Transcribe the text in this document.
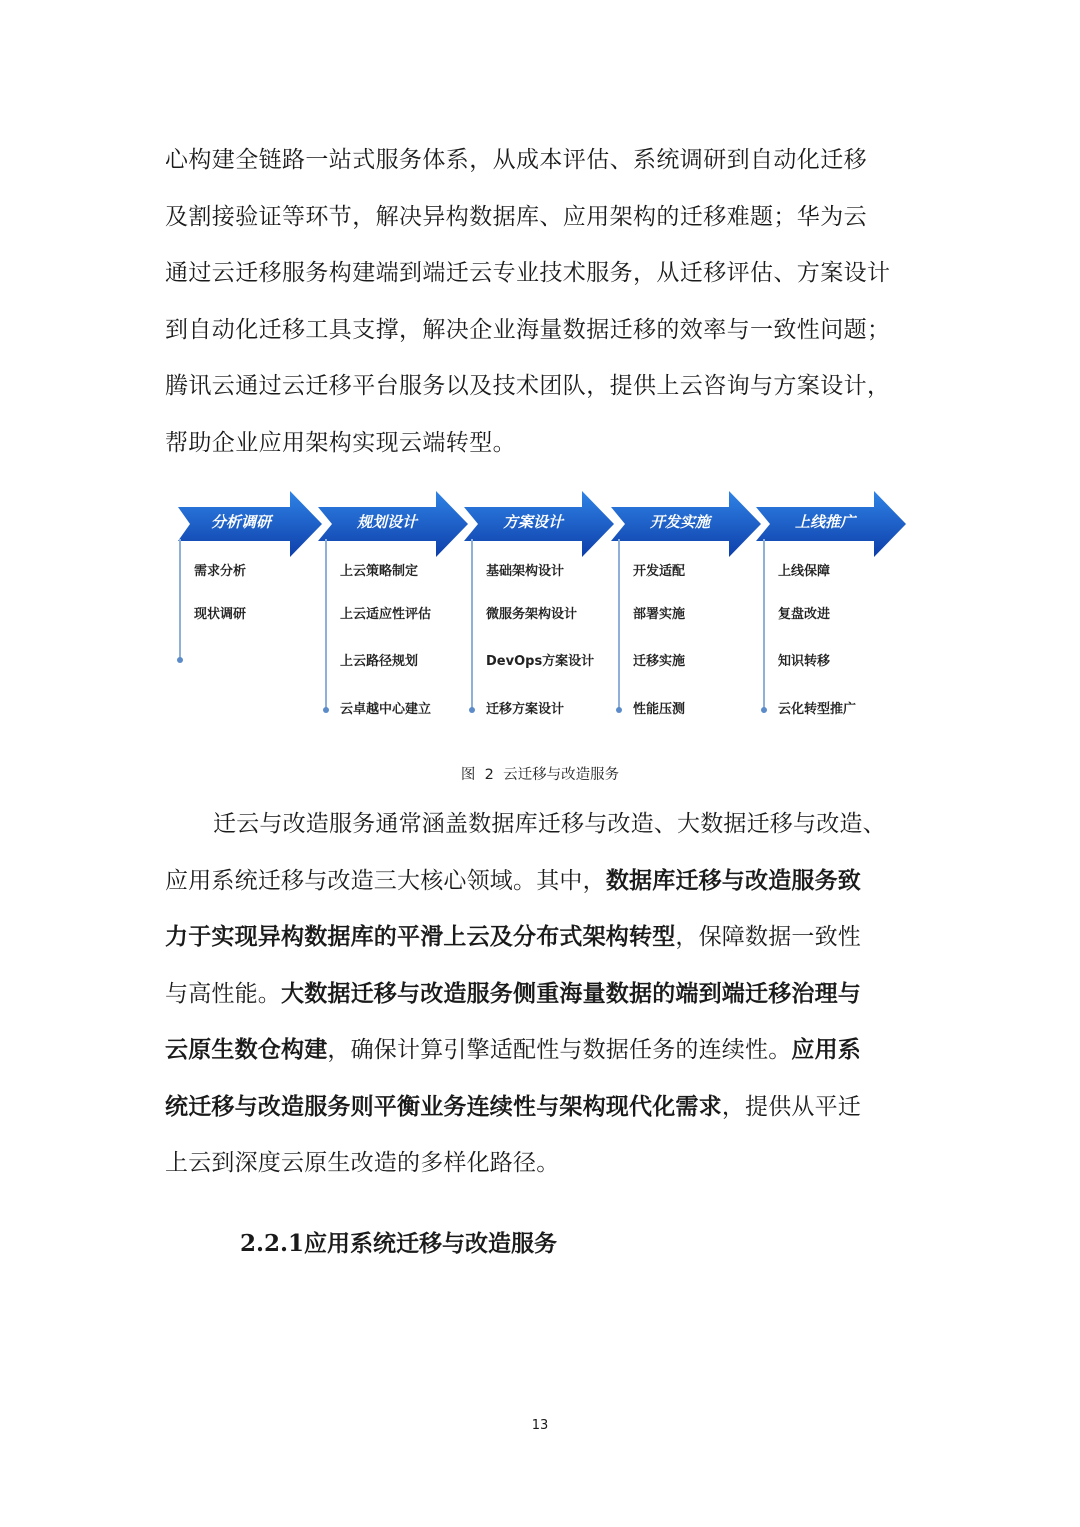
心构建全链路一站式服务体系，从成本评估、系统调研到自动化迁移
及割接验证等环节，解决异构数据库、应用架构的迁移难题；华为云
通过云迁移服务构建端到端迁云专业技术服务，从迁移评估、方案设计
到自动化迁移工具支撑，解决企业海量数据迁移的效率与一致性问题；
腾讯云通过云迁移平台服务以及技术团队，提供上云咨询与方案设计，
帮助企业应用架构实现云端转型。
分析调研
需求分析
现状调研
规划设计
上云策略制定
上云适应性评估
上云路径规划
云卓越中心建立
方案设计
基础架构设计
微服务架构设计
DevOps方案设计
迁移方案设计
开发实施
开发适配
部署实施
迁移实施
性能压测
上线推广
上线保障
复盘改进
知识转移
云化转型推广
图  2  云迁移与改造服务
迁云与改造服务通常涵盖数据库迁移与改造、大数据迁移与改造、
应用系统迁移与改造三大核心领域。其中，数据库迁移与改造服务致
力于实现异构数据库的平滑上云及分布式架构转型，保障数据一致性
与高性能。大数据迁移与改造服务侧重海量数据的端到端迁移治理与
云原生数仓构建，确保计算引擎适配性与数据任务的连续性。应用系
统迁移与改造服务则平衡业务连续性与架构现代化需求，提供从平迁
上云到深度云原生改造的多样化路径。
2.2.1应用系统迁移与改造服务
13
